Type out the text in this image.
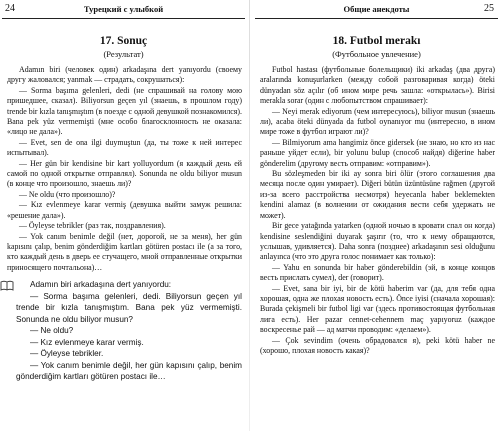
24	Турецкий с улыбкой
17. Sonuç
(Результат)

Adamın biri (человек один) arkadaşına dert yanıyordu (своему другу жаловался; yanmak — страдать, сокрушаться):

— Sorma başıma gelenleri, dedi (не спрашивай на голову мою пришедшее, сказал). Biliyorsun geçen yıl (знаешь, в прошлом году) trende bir kızla tanışmıştım (в поезде с одной девушкой познакомился). Bana pek yüz vermemişti (мне особо благосклонность не оказала: «лицо не дала»).

— Evet, sen de ona ilgi duymuştun (да, ты тоже к ней интерес испытывал).

— Her gün bir kendisine bir kart yolluyordum (я каждый день ей самой по одной открытке отправлял). Sonunda ne oldu biliyor musun (в конце что произошло, знаешь ли)?

— Ne oldu (что произошло)?

— Kız evlenmeye karar vermiş (девушка выйти замуж решила: «решение дала»).

— Öyleyse tebrikler (раз так, поздравления).

— Yok canım benimle değil (нет, дорогой, не за меня), her gün kapısını çalıp, benim gönderdiğim kartları götüren postacı ile (а за того, кто каждый день в дверь ее стучащего, мной отправленные открытки приносящего почтальона)…

Adamın biri arkadaşına dert yanıyordu:

— Sorma başıma gelenleri, dedi. Biliyorsun geçen yıl trende bir kızla tanışmıştım. Bana pek yüz vermemişti. Sonunda ne oldu biliyor musun?

— Ne oldu?

— Kız evlenmeye karar vermiş.

— Öyleyse tebrikler.

— Yok canım benimle değil, her gün kapısını çalıp, benim gönderdiğim kartları götüren postacı ile…

Общие анекдоты	25
18. Futbol merakı
(Футбольное увлечение)

Futbol hastası (футбольные болельщики) iki arkadaş (два друга) aralarında konuşurlarken (между собой разговаривая когда) öteki dünyadan söz açılır (об ином мире речь зашла: «открылась»). Birisi merakla sorar (один с любопытством спрашивает):

— Neyi merak ediyorum (чем интересуюсь), biliyor musun (знаешь ли), acaba öteki dünyada da futbol oynanıyor mu (интересно, в ином мире тоже в футбол играют ли)?

— Bilmiyorum ama hangimiz önce gidersek (не знаю, но кто из нас раньше уйдет если), bir yolunu bulup (способ найдя) diğerine haber gönderelim (другому весть отправим: «отправим»).

Bu sözleşmeden bir iki ay sonra biri ölür (этого соглашения два месяца после один умирает). Diğeri bütün üzüntüsüne rağmen (другой из-за всего расстройства несмотря) heyecanla haber beklemekten kendini alamaz (в волнении от ожидания вести себя удержать не может).

Bir gece yatağında yatarken (одной ночью в кровати спал он когда) kendisine seslendiğini duyarak şaşırır (то, что к нему обращаются, услышав, удивляется). Daha sonra (позднее) arkadaşının sesi olduğunu anlayınca (что это друга голос понимает как только):

— Yahu en sonunda bir haber gönderebildin (эй, в конце концов весть прислать сумел), der (говорит).

— Evet, sana bir iyi, bir de kötü haberim var (да, для тебя одна хорошая, одна же плохая новость есть). Önce iyisi (сначала хорошая): Burada çekişmeli bir futbol ligi var (здесь противостоящая футбольная лига есть). Her pazar cennet-cehennem maç yapıyoruz (каждое воскресенье рай — ад матчи проводим: «делаем»).

— Çok sevindim (очень обрадовался я), peki kötü haber ne (хорошо, плохая новость какая)?
